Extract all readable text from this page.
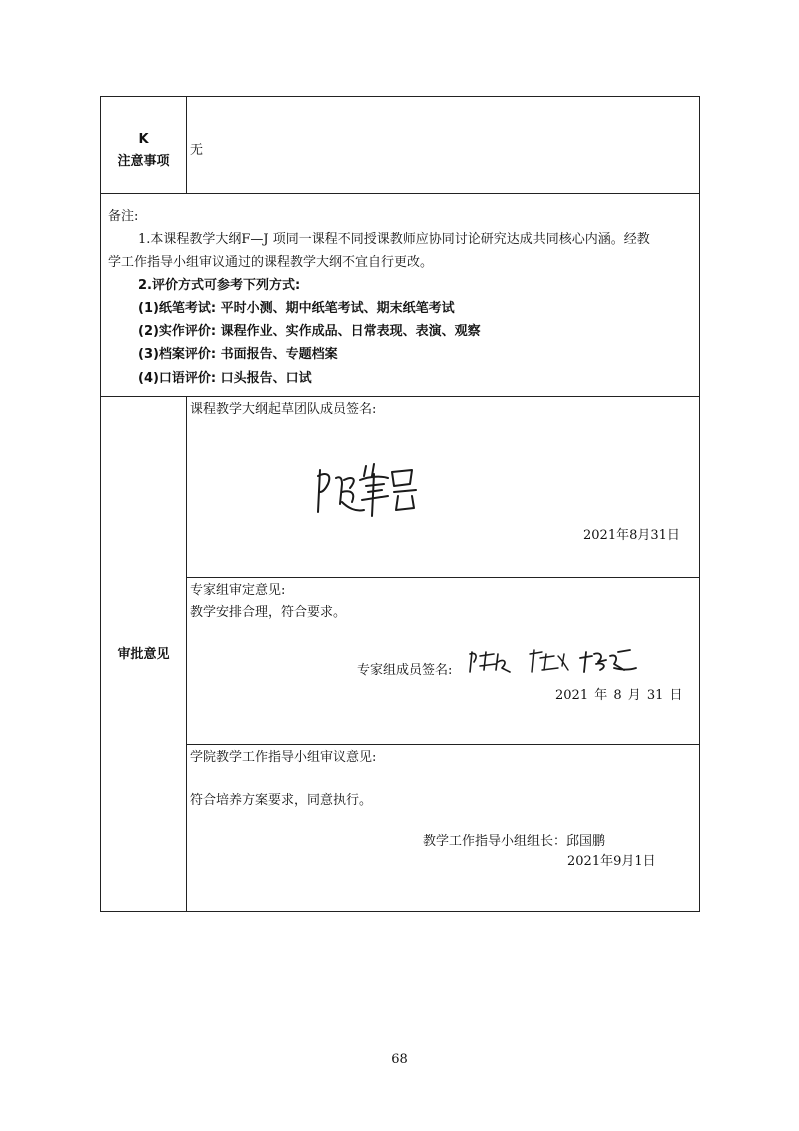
K
注意事项
无
备注:
1.本课程教学大纲F—J 项同一课程不同授课教师应协同讨论研究达成共同核心内涵。经教
学工作指导小组审议通过的课程教学大纲不宜自行更改。
2.评价方式可参考下列方式:
(1)纸笔考试: 平时小测、期中纸笔考试、期末纸笔考试
(2)实作评价: 课程作业、实作成品、日常表现、表演、观察
(3)档案评价: 书面报告、专题档案
(4)口语评价: 口头报告、口试
审批意见
课程教学大纲起草团队成员签名:
2021年8月31日
专家组审定意见:
教学安排合理，符合要求。
专家组成员签名:
2021 年 8 月 31 日
学院教学工作指导小组审议意见:
符合培养方案要求，同意执行。
教学工作指导小组组长：邱国鹏
2021年9月1日
68
